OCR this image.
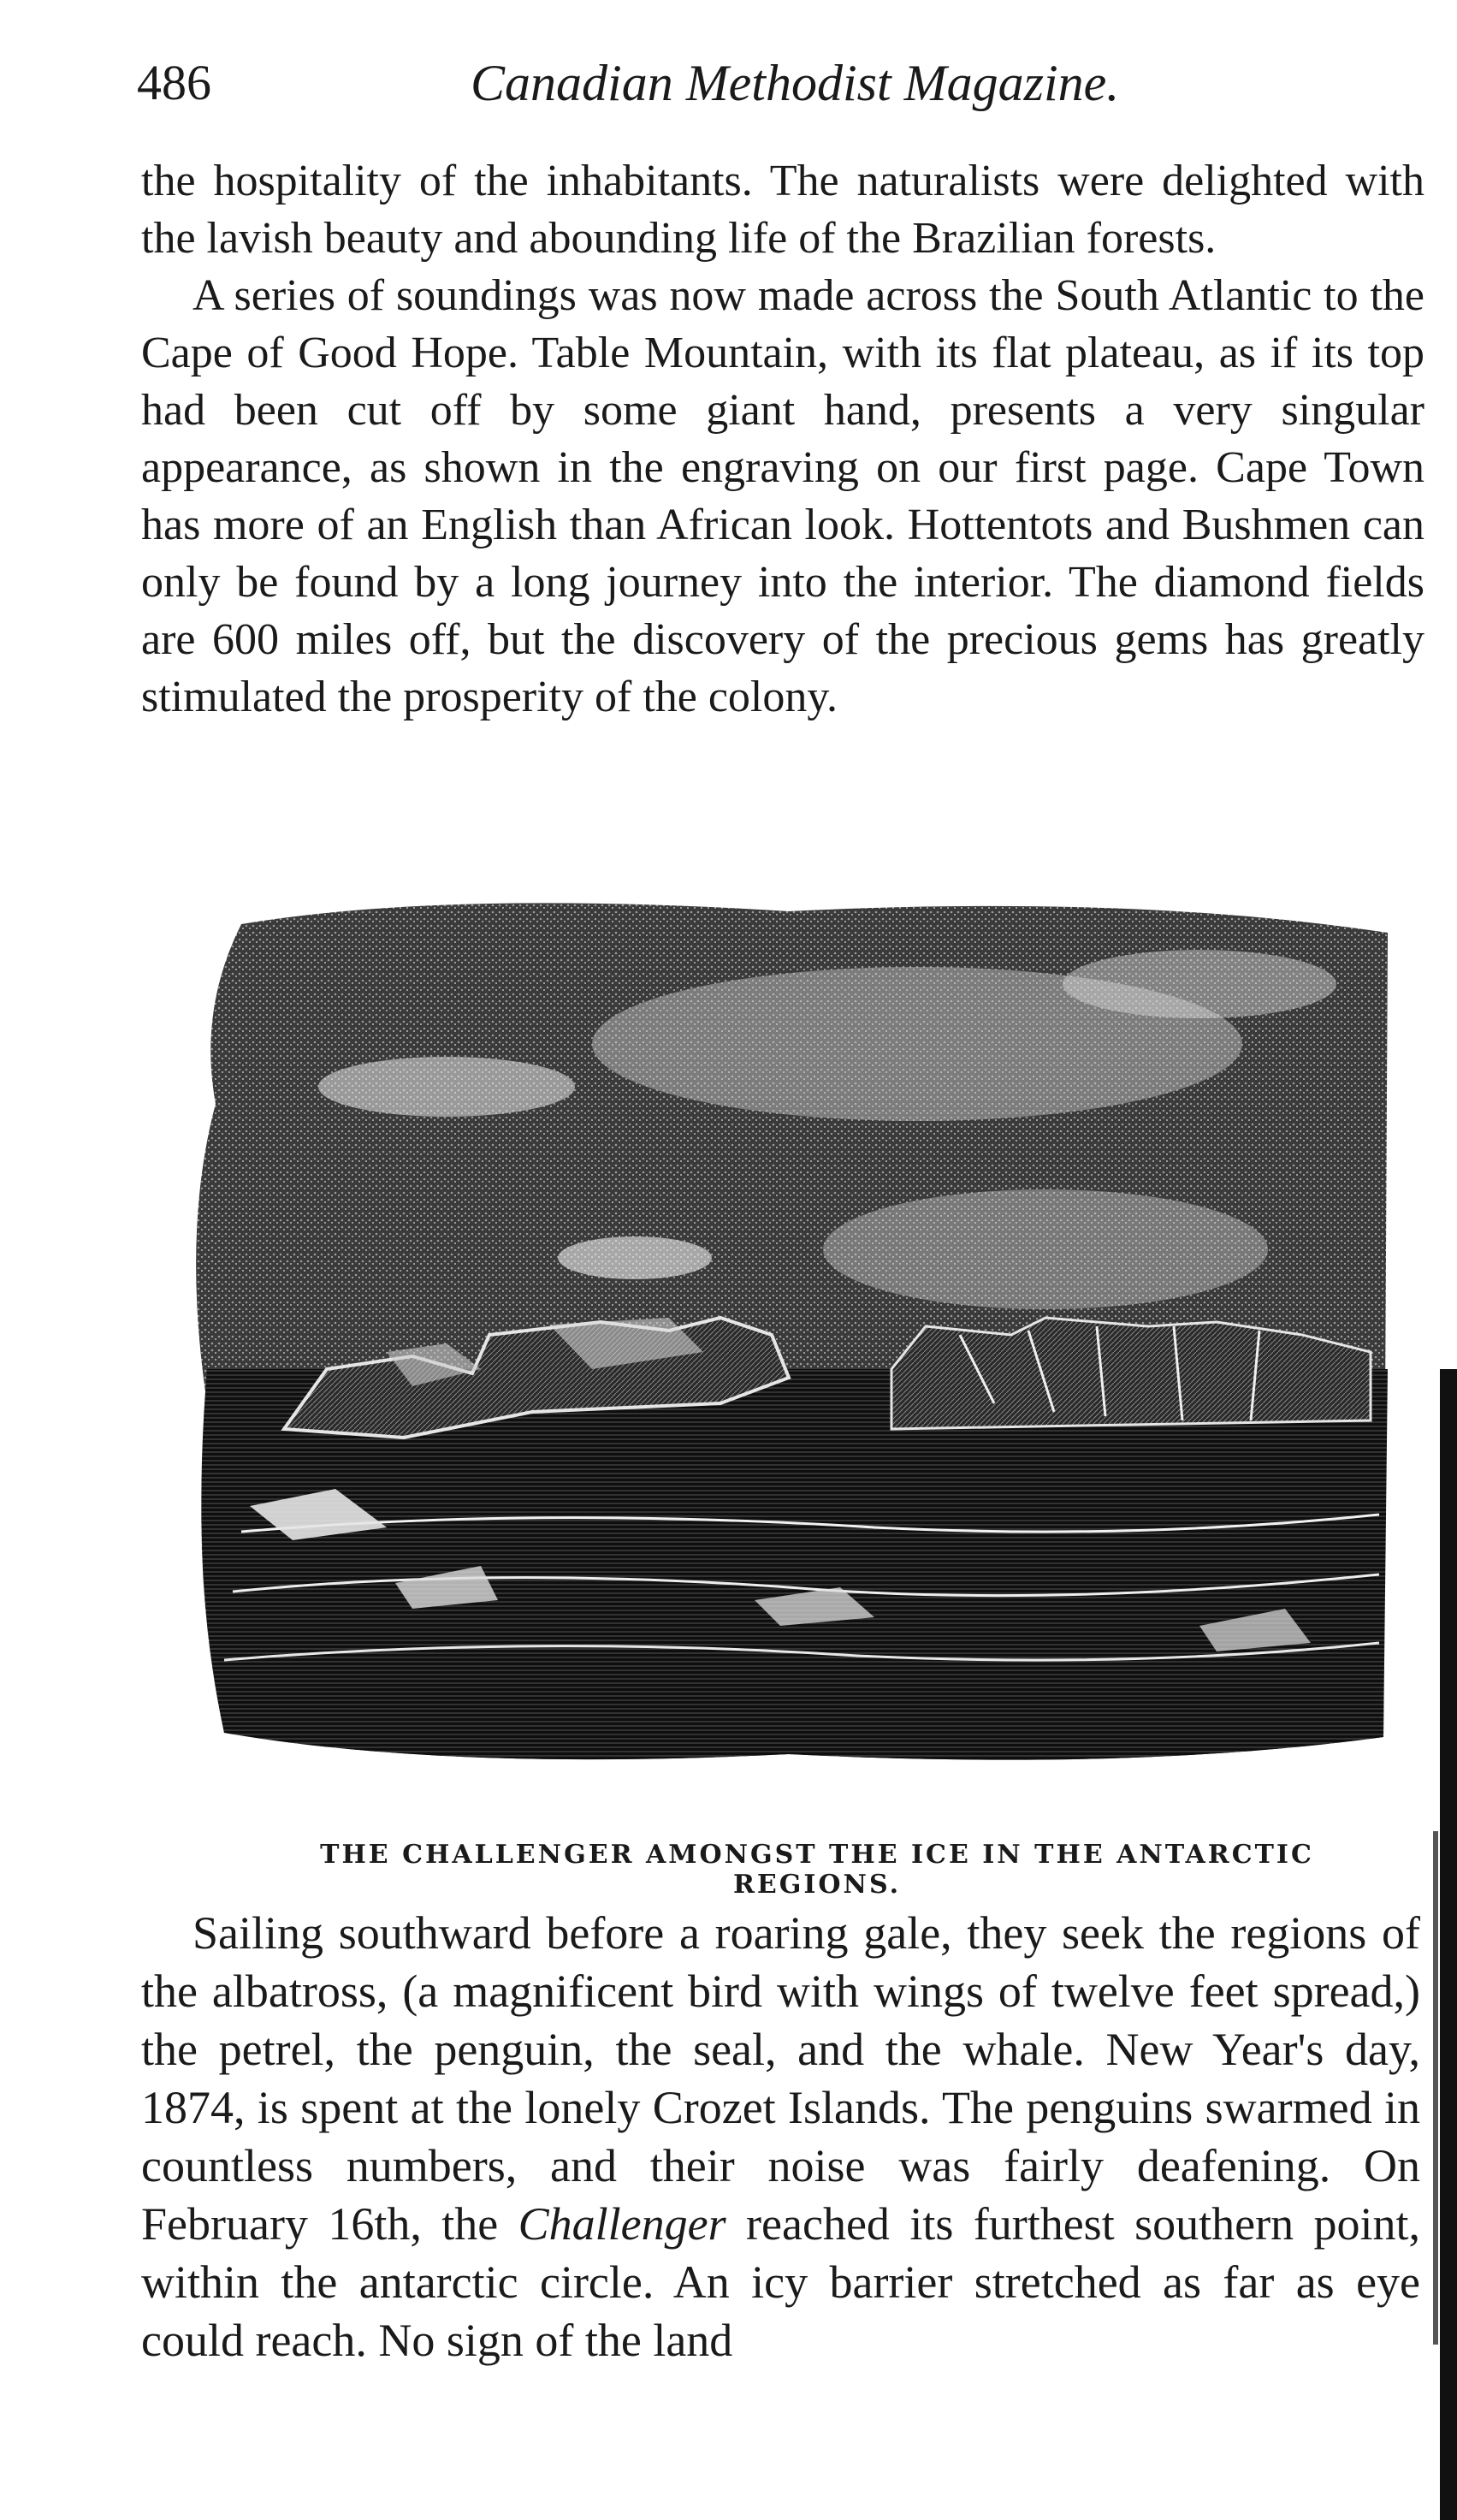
486	Canadian Methodist Magazine.

the hospitality of the inhabitants. The naturalists were delighted with the lavish beauty and abounding life of the Brazilian forests.

A series of soundings was now made across the South Atlantic to the Cape of Good Hope. Table Mountain, with its flat plateau, as if its top had been cut off by some giant hand, presents a very singular appearance, as shown in the engraving on our first page. Cape Town has more of an English than African look. Hottentots and Bushmen can only be found by a long journey into the interior. The diamond fields are 600 miles off, but the discovery of the precious gems has greatly stimulated the prosperity of the colony.

THE CHALLENGER AMONGST THE ICE IN THE ANTARCTIC REGIONS.

Sailing southward before a roaring gale, they seek the regions of the albatross, (a magnificent bird with wings of twelve feet spread,) the petrel, the penguin, the seal, and the whale. New Year's day, 1874, is spent at the lonely Crozet Islands. The penguins swarmed in countless numbers, and their noise was fairly deafening. On February 16th, the Challenger reached its furthest southern point, within the antarctic circle. An icy barrier stretched as far as eye could reach. No sign of the land
